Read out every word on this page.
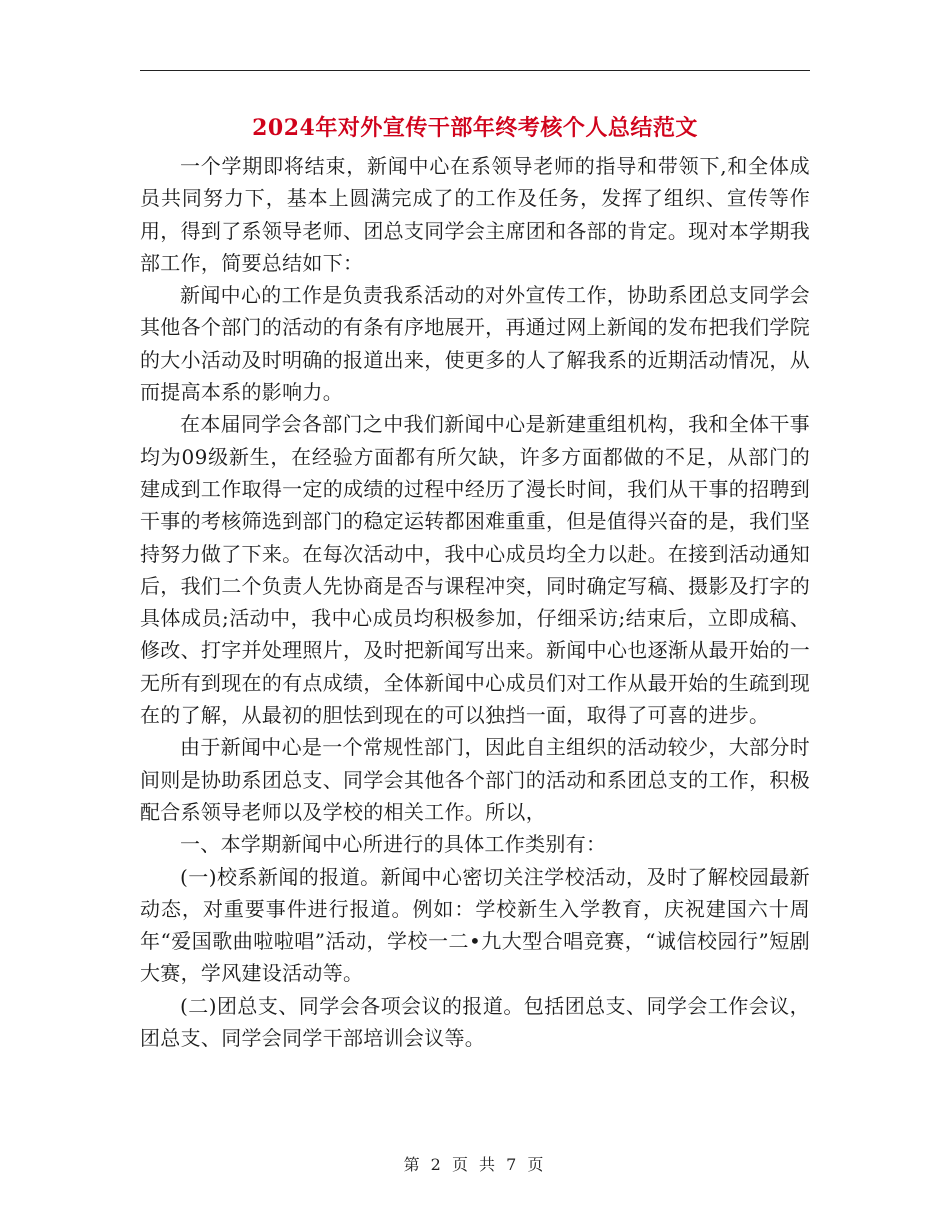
2024年对外宣传干部年终考核个人总结范文

一个学期即将结束，新闻中心在系领导老师的指导和带领下,和全体成员共同努力下，基本上圆满完成了的工作及任务，发挥了组织、宣传等作用，得到了系领导老师、团总支同学会主席团和各部的肯定。现对本学期我部工作，简要总结如下：

新闻中心的工作是负责我系活动的对外宣传工作，协助系团总支同学会其他各个部门的活动的有条有序地展开，再通过网上新闻的发布把我们学院的大小活动及时明确的报道出来，使更多的人了解我系的近期活动情况，从而提高本系的影响力。

在本届同学会各部门之中我们新闻中心是新建重组机构，我和全体干事均为09级新生，在经验方面都有所欠缺，许多方面都做的不足，从部门的建成到工作取得一定的成绩的过程中经历了漫长时间，我们从干事的招聘到干事的考核筛选到部门的稳定运转都困难重重，但是值得兴奋的是，我们坚持努力做了下来。在每次活动中，我中心成员均全力以赴。在接到活动通知后，我们二个负责人先协商是否与课程冲突，同时确定写稿、摄影及打字的具体成员;活动中，我中心成员均积极参加，仔细采访;结束后，立即成稿、修改、打字并处理照片，及时把新闻写出来。新闻中心也逐渐从最开始的一无所有到现在的有点成绩，全体新闻中心成员们对工作从最开始的生疏到现在的了解，从最初的胆怯到现在的可以独挡一面，取得了可喜的进步。

由于新闻中心是一个常规性部门，因此自主组织的活动较少，大部分时间则是协助系团总支、同学会其他各个部门的活动和系团总支的工作，积极配合系领导老师以及学校的相关工作。所以，

一、本学期新闻中心所进行的具体工作类别有：

(一)校系新闻的报道。新闻中心密切关注学校活动，及时了解校园最新动态，对重要事件进行报道。例如：学校新生入学教育，庆祝建国六十周年“爱国歌曲啦啦唱”活动，学校一二•九大型合唱竞赛，“诚信校园行”短剧大赛，学风建设活动等。

(二)团总支、同学会各项会议的报道。包括团总支、同学会工作会议，团总支、同学会同学干部培训会议等。

第 2 页 共 7 页
